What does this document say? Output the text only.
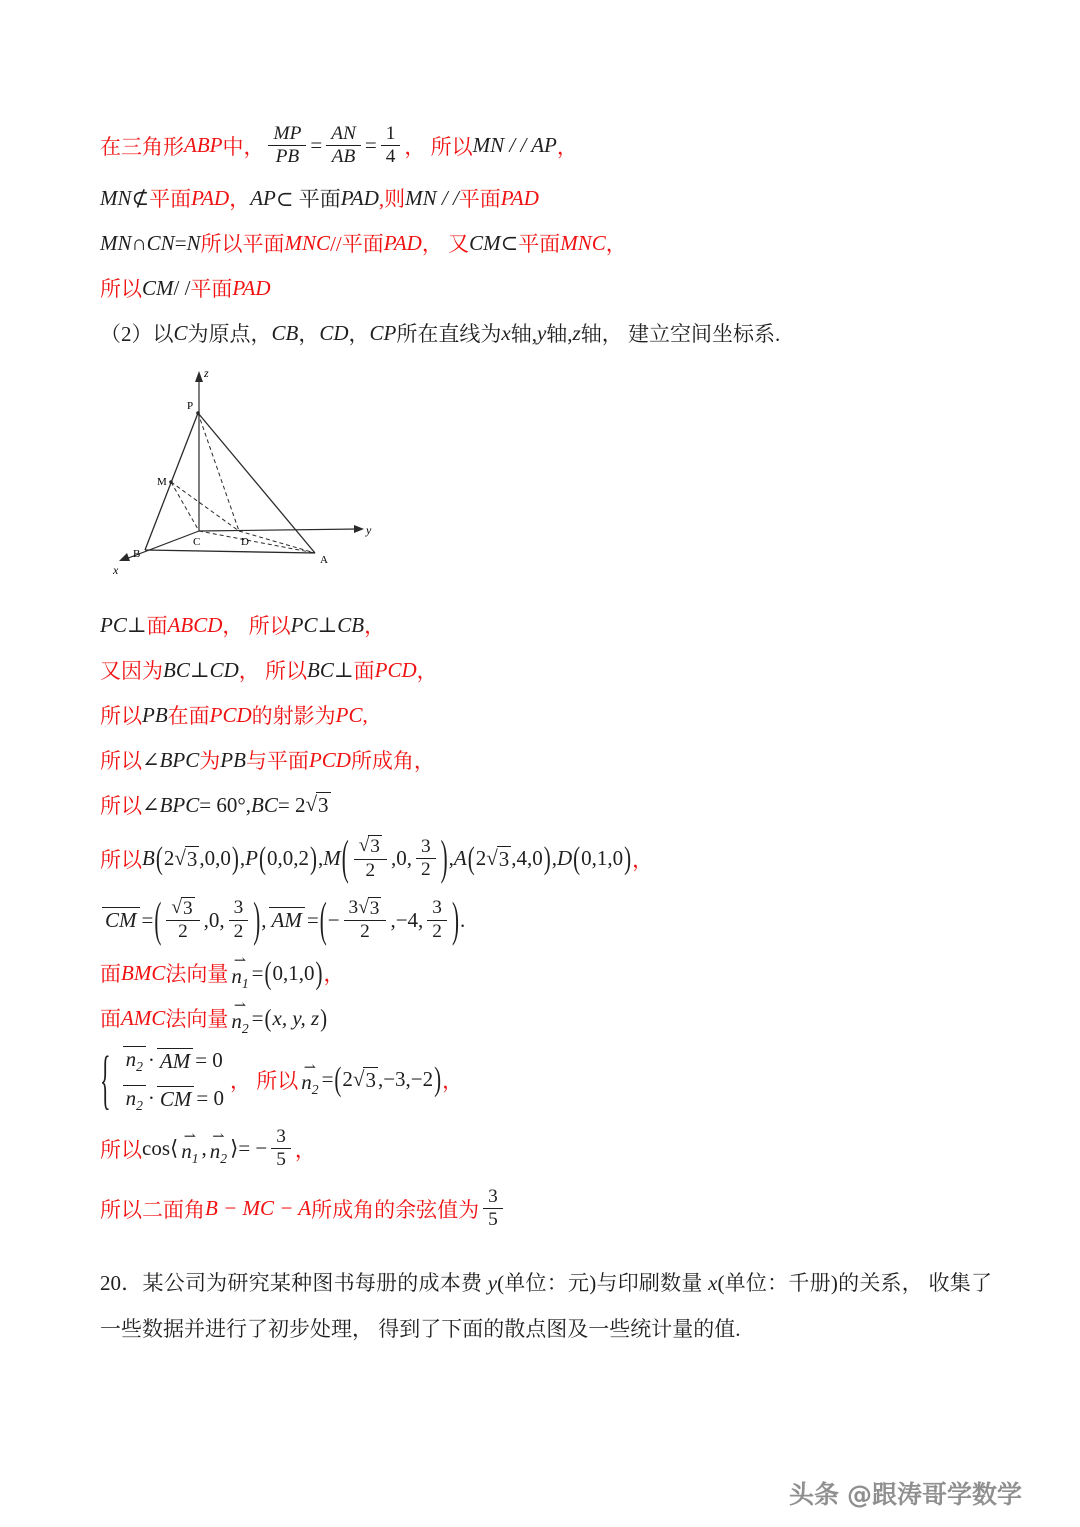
在三角形 ABP 中， $\frac{MP}{PB} = \frac{AN}{AB} = \frac{1}{4}$ ， 所以 MN / / AP ，
MN ⊄ 平面 PAD ， AP ⊂ 平面 PAD ,则 MN / / 平面 PAD
MN ∩ CN = N 所以平面 MNC //平面 PAD ， 又 CM ⊂ 平面 MNC ，
所以 CM / / 平面 PAD
（2）以 C 为原点， CB ， CD ， CP 所在直线为 x 轴, y 轴, z 轴， 建立空间坐标系.
z
y
x
P
M
B
C	D
A
PC ⊥ 面 ABCD ， 所以 PC ⊥ CB ，
又因为 BC ⊥ CD ， 所以 BC ⊥ 面 PCD ，
所以 PB 在面 PCD 的射影为 PC ,
所以 ∠ BPC 为 PB 与平面 PCD 所成角，
所以 ∠ BPC = 60°, BC = 2 √ 3
所以 B ( 2 √ 3 ,0,0 ) , P ( 0,0,2 ) , M ( $\frac{√ 3}{2} ,0$, $\frac{3}{2}$ ) , A ( 2 √ 3 ,4,0 ) , D ( 0,1,0 ) ，
CM = ( $\frac{√ 3}{2} ,0$, $\frac{3}{2}$ ) , AM = ( − $\frac{3 √ 3}{2} ,-4$, $\frac{3}{2}$ ) .
面 BMC 法向量
⇀
$n_1$ = ( 0,1,0 ) ，
面 AMC 法向量
⇀
$n_2$ = ( x, y, z )
{ $n_2$ · AM = 0
$n_2$ · CM = 0
， 所以
⇀
$n_2$ = ( 2 √ 3 ,−3,−2 ) ，
所以 cos ⟨ ⇀
$n_1$ , ⇀
$n_2$ ⟩ = − $\frac{3}{5}$ ，
所以二面角 B − MC − A 所成角的余弦值为 $\frac{3}{5}$
20．某公司为研究某种图书每册的成本费 y(单位：元)与印刷数量 x(单位：千册)的关系， 收集了一些数据并进行了初步处理， 得到了下面的散点图及一些统计量的值.
头条 @跟涛哥学数学
